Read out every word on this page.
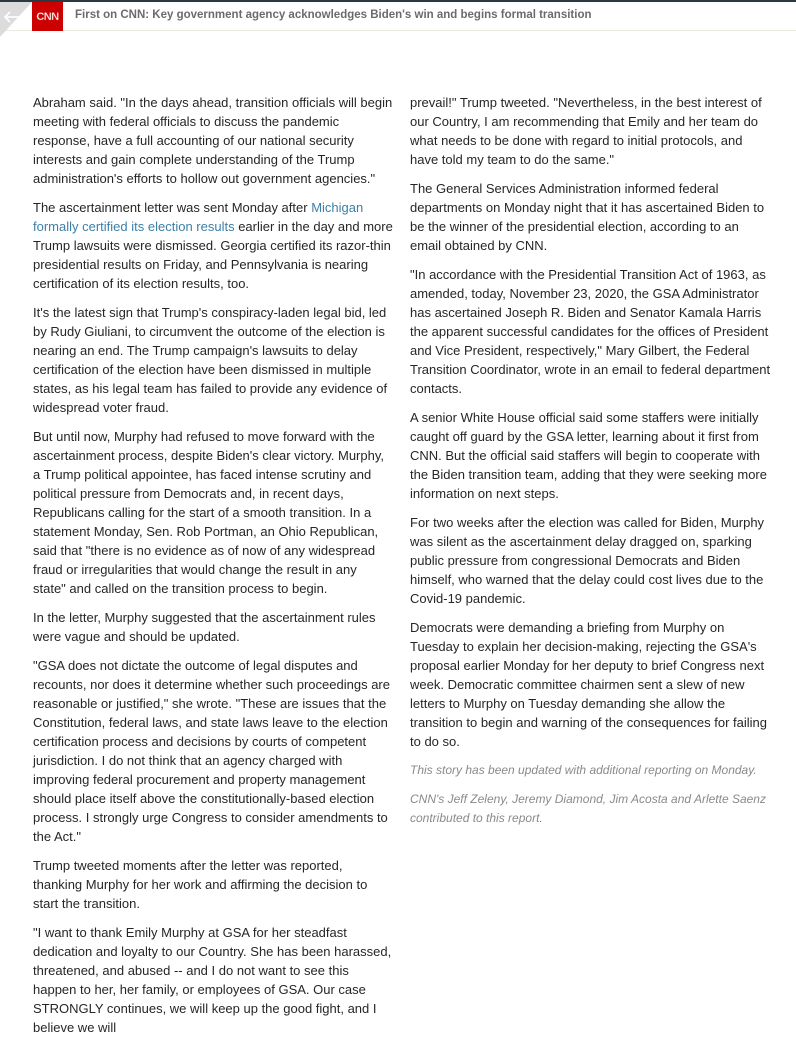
CNN First on CNN: Key government agency acknowledges Biden's win and begins formal transition

Abraham said. "In the days ahead, transition officials will begin meeting with federal officials to discuss the pandemic response, have a full accounting of our national security interests and gain complete understanding of the Trump administration's efforts to hollow out government agencies."

The ascertainment letter was sent Monday after Michigan formally certified its election results earlier in the day and more Trump lawsuits were dismissed. Georgia certified its razor-thin presidential results on Friday, and Pennsylvania is nearing certification of its election results, too.

It's the latest sign that Trump's conspiracy-laden legal bid, led by Rudy Giuliani, to circumvent the outcome of the election is nearing an end. The Trump campaign's lawsuits to delay certification of the election have been dismissed in multiple states, as his legal team has failed to provide any evidence of widespread voter fraud.

But until now, Murphy had refused to move forward with the ascertainment process, despite Biden's clear victory. Murphy, a Trump political appointee, has faced intense scrutiny and political pressure from Democrats and, in recent days, Republicans calling for the start of a smooth transition. In a statement Monday, Sen. Rob Portman, an Ohio Republican, said that "there is no evidence as of now of any widespread fraud or irregularities that would change the result in any state" and called on the transition process to begin.

In the letter, Murphy suggested that the ascertainment rules were vague and should be updated.

"GSA does not dictate the outcome of legal disputes and recounts, nor does it determine whether such proceedings are reasonable or justified," she wrote. "These are issues that the Constitution, federal laws, and state laws leave to the election certification process and decisions by courts of competent jurisdiction. I do not think that an agency charged with improving federal procurement and property management should place itself above the constitutionally-based election process. I strongly urge Congress to consider amendments to the Act."

Trump tweeted moments after the letter was reported, thanking Murphy for her work and affirming the decision to start the transition.

"I want to thank Emily Murphy at GSA for her steadfast dedication and loyalty to our Country. She has been harassed, threatened, and abused -- and I do not want to see this happen to her, her family, or employees of GSA. Our case STRONGLY continues, we will keep up the good fight, and I believe we will

prevail!" Trump tweeted. "Nevertheless, in the best interest of our Country, I am recommending that Emily and her team do what needs to be done with regard to initial protocols, and have told my team to do the same."

The General Services Administration informed federal departments on Monday night that it has ascertained Biden to be the winner of the presidential election, according to an email obtained by CNN.

"In accordance with the Presidential Transition Act of 1963, as amended, today, November 23, 2020, the GSA Administrator has ascertained Joseph R. Biden and Senator Kamala Harris the apparent successful candidates for the offices of President and Vice President, respectively," Mary Gilbert, the Federal Transition Coordinator, wrote in an email to federal department contacts.

A senior White House official said some staffers were initially caught off guard by the GSA letter, learning about it first from CNN. But the official said staffers will begin to cooperate with the Biden transition team, adding that they were seeking more information on next steps.

For two weeks after the election was called for Biden, Murphy was silent as the ascertainment delay dragged on, sparking public pressure from congressional Democrats and Biden himself, who warned that the delay could cost lives due to the Covid-19 pandemic.

Democrats were demanding a briefing from Murphy on Tuesday to explain her decision-making, rejecting the GSA's proposal earlier Monday for her deputy to brief Congress next week. Democratic committee chairmen sent a slew of new letters to Murphy on Tuesday demanding she allow the transition to begin and warning of the consequences for failing to do so.

This story has been updated with additional reporting on Monday.

CNN's Jeff Zeleny, Jeremy Diamond, Jim Acosta and Arlette Saenz contributed to this report.
